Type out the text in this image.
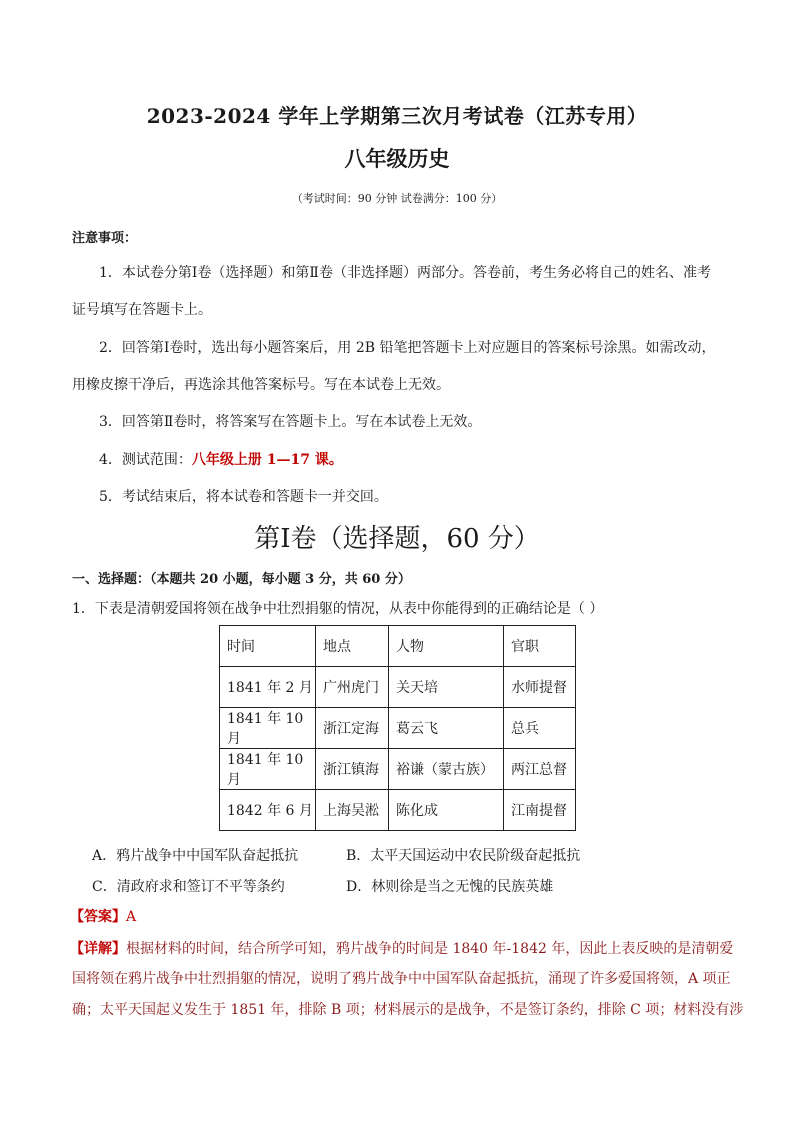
2023-2024 学年上学期第三次月考试卷（江苏专用）
八年级历史
（考试时间：90 分钟 试卷满分：100 分）
注意事项：
1．本试卷分第Ⅰ卷（选择题）和第Ⅱ卷（非选择题）两部分。答卷前，考生务必将自己的姓名、准考
证号填写在答题卡上。
2．回答第Ⅰ卷时，选出每小题答案后，用 2B 铅笔把答题卡上对应题目的答案标号涂黑。如需改动，
用橡皮擦干净后，再选涂其他答案标号。写在本试卷上无效。
3．回答第Ⅱ卷时，将答案写在答题卡上。写在本试卷上无效。
4．测试范围：八年级上册 1—17 课。
5．考试结束后，将本试卷和答题卡一并交回。
第Ⅰ卷（选择题，60 分）
一、选择题：（本题共 20 小题，每小题 3 分，共 60 分）
1．下表是清朝爱国将领在战争中壮烈捐躯的情况，从表中你能得到的正确结论是（ ）
时间	地点	人物	官职
1841 年 2 月	广州虎门	关天培	水师提督
1841 年 10 月	浙江定海	葛云飞	总兵
1841 年 10 月	浙江镇海	裕谦（蒙古族）	两江总督
1842 年 6 月	上海吴淞	陈化成	江南提督
A．鸦片战争中中国军队奋起抵抗	B．太平天国运动中农民阶级奋起抵抗
C．清政府求和签订不平等条约	D．林则徐是当之无愧的民族英雄
【答案】A
【详解】根据材料的时间，结合所学可知，鸦片战争的时间是 1840 年-1842 年，因此上表反映的是清朝爱
国将领在鸦片战争中壮烈捐躯的情况，说明了鸦片战争中中国军队奋起抵抗，涌现了许多爱国将领，A 项正
确；太平天国起义发生于 1851 年，排除 B 项；材料展示的是战争，不是签订条约，排除 C 项；材料没有涉
